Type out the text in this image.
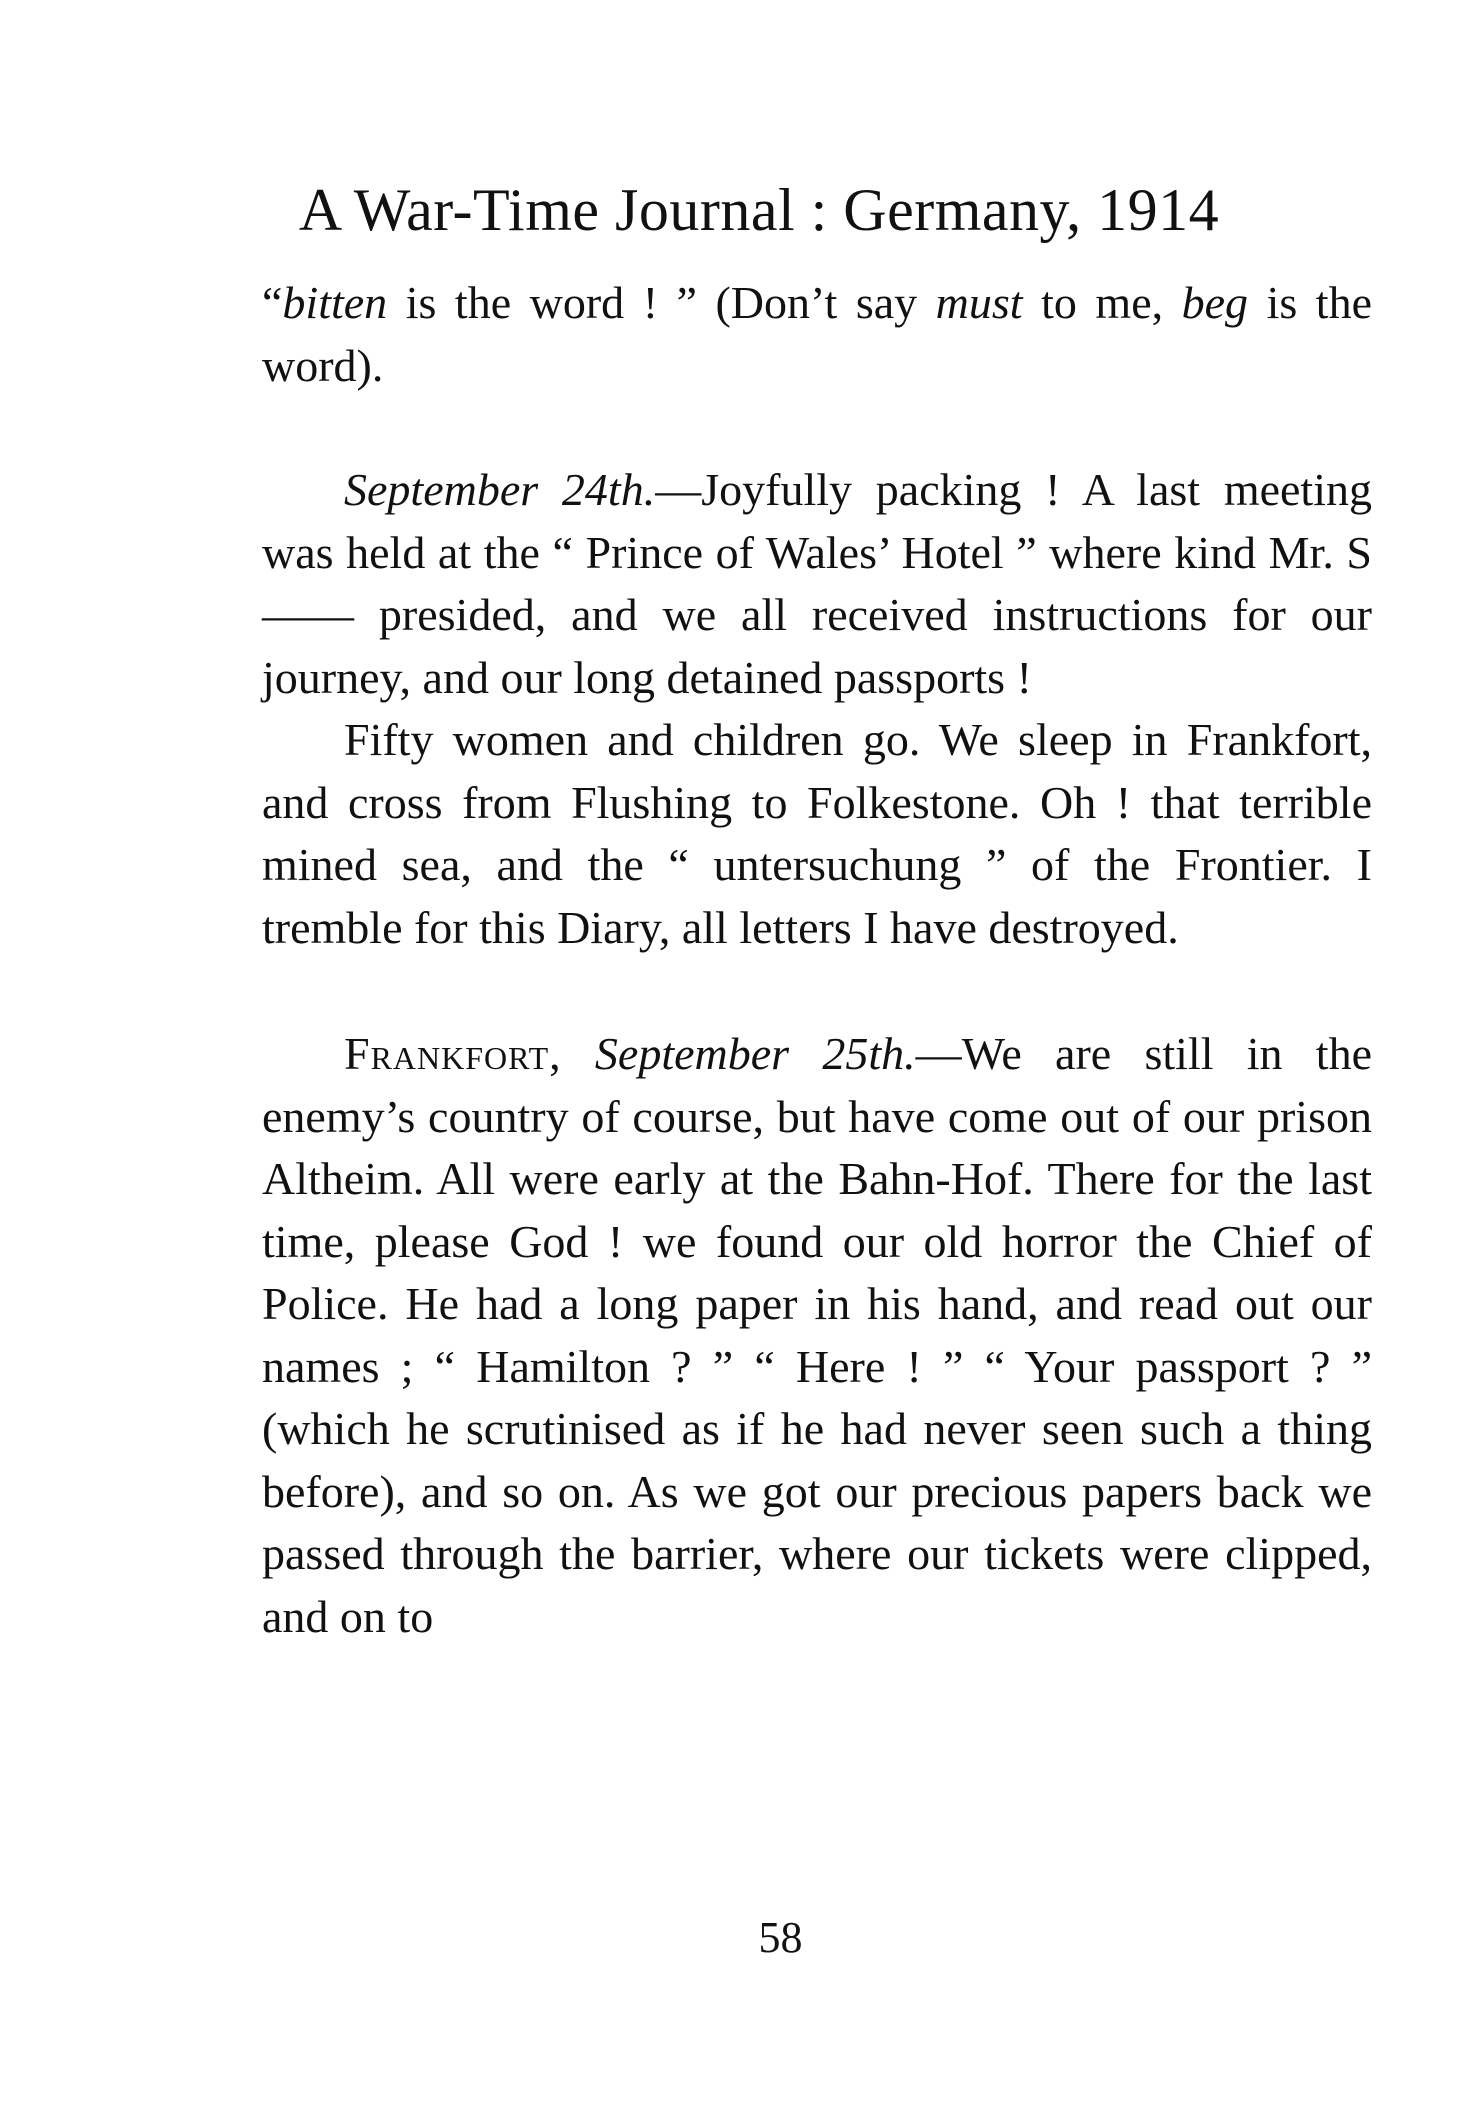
A War-Time Journal : Germany, 1914

“bitten is the word ! ” (Don’t say must to me, beg is the word).

September 24th.—Joyfully packing ! A last meeting was held at the “ Prince of Wales’ Hotel ” where kind Mr. S—— presided, and we all received instructions for our journey, and our long detained passports !

Fifty women and children go. We sleep in Frankfort, and cross from Flushing to Folkestone. Oh ! that terrible mined sea, and the “ untersuchung ” of the Frontier. I tremble for this Diary, all letters I have destroyed.

Frankfort, September 25th.—We are still in the enemy’s country of course, but have come out of our prison Altheim. All were early at the Bahn-Hof. There for the last time, please God ! we found our old horror the Chief of Police. He had a long paper in his hand, and read out our names ; “ Hamilton ? ” “ Here ! ” “ Your passport ? ” (which he scrutinised as if he had never seen such a thing before), and so on. As we got our precious papers back we passed through the barrier, where our tickets were clipped, and on to

58
